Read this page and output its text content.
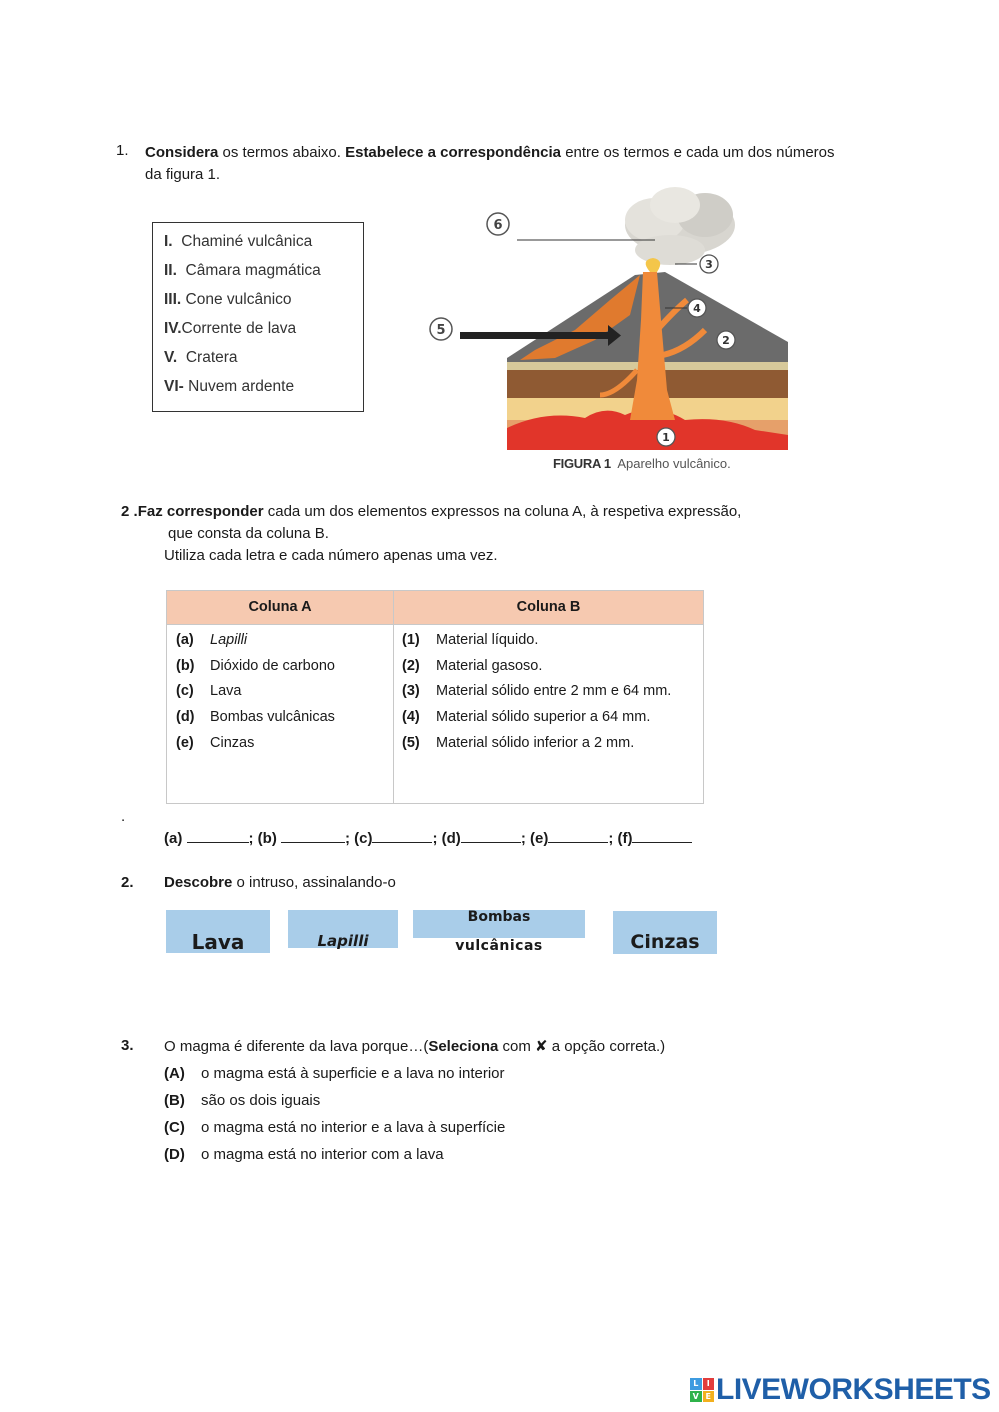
1. Considera os termos abaixo. Estabelece a correspondência entre os termos e cada um dos números da figura 1.
I. Chaminé vulcânica
II. Câmara magmática
III. Cone vulcânico
IV.Corrente de lava
V. Cratera
VI- Nuvem ardente
6
5
3
4
2
1
FIGURA 1 Aparelho vulcânico.
2 .Faz corresponder cada um dos elementos expressos na coluna A, à respetiva expressão,
que consta da coluna B.
Utiliza cada letra e cada número apenas uma vez.
Coluna A	Coluna B
(a) Lapilli
(b) Dióxido de carbono
(c) Lava
(d) Bombas vulcânicas
(e) Cinzas
(1) Material líquido.
(2) Material gasoso.
(3) Material sólido entre 2 mm e 64 mm.
(4) Material sólido superior a 64 mm.
(5) Material sólido inferior a 2 mm.
.
(a)	; (b)	; (c)	; (d)	; (e)	; (f)
2. Descobre o intruso, assinalando-o
Lava	Lapilli
Bombas
vulcânicas	Cinzas
3. O magma é diferente da lava porque…(Seleciona com ✘ a opção correta.)
(A) o magma está à superficie e a lava no interior
(B) são os dois iguais
(C) o magma está no interior e a lava à superfície
(D) o magma está no interior com a lava
L	I
V E LIVEWORKSHEETS
